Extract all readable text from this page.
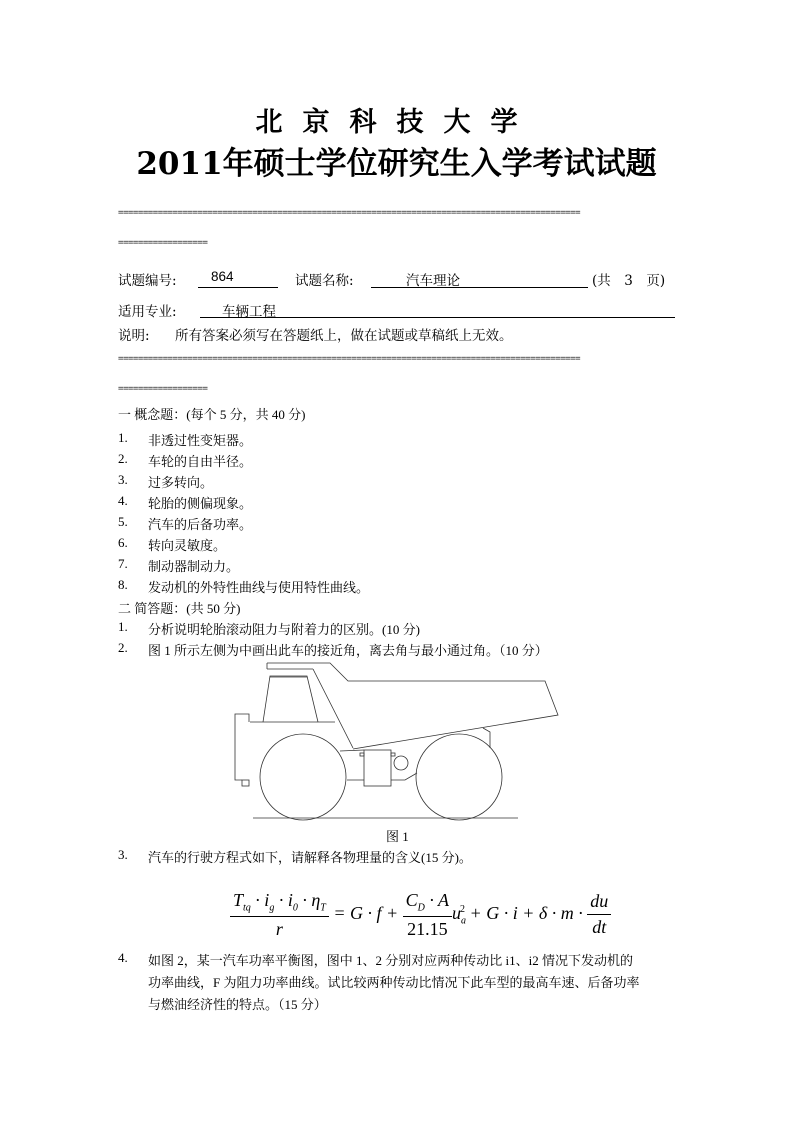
北京科技大学
2011年硕士学位研究生入学考试试题
=============================================================================================
==================
试题编号:	864	试题名称:	汽车理论	(共　3　页)
适用专业:	车辆工程
说明: 所有答案必须写在答题纸上，做在试题或草稿纸上无效。
=============================================================================================
==================
一 概念题：(每个 5 分，共 40 分)
1. 非透过性变矩器。
2. 车轮的自由半径。
3. 过多转向。
4. 轮胎的侧偏现象。
5. 汽车的后备功率。
6. 转向灵敏度。
7. 制动器制动力。
8. 发动机的外特性曲线与使用特性曲线。
二 简答题：(共 50 分)
1. 分析说明轮胎滚动阻力与附着力的区别。(10 分)
2. 图 1 所示左侧为中画出此车的接近角，离去角与最小通过角。（10 分）
图 1
3. 汽车的行驶方程式如下，请解释各物理量的含义(15 分)。
$\frac{T_{tq} \cdot i_g \cdot i_0 \cdot \eta_T}{r} = G \cdot f + \frac{C_D \cdot A}{21.15} u_a^2 + G \cdot i + \delta \cdot m \cdot \frac{du}{dt}$
4. 如图 2，某一汽车功率平衡图，图中 1、2 分别对应两种传动比 i1、i2 情况下发动机的
功率曲线，F 为阻力功率曲线。试比较两种传动比情况下此车型的最高车速、后备功率
与燃油经济性的特点。（15 分）
